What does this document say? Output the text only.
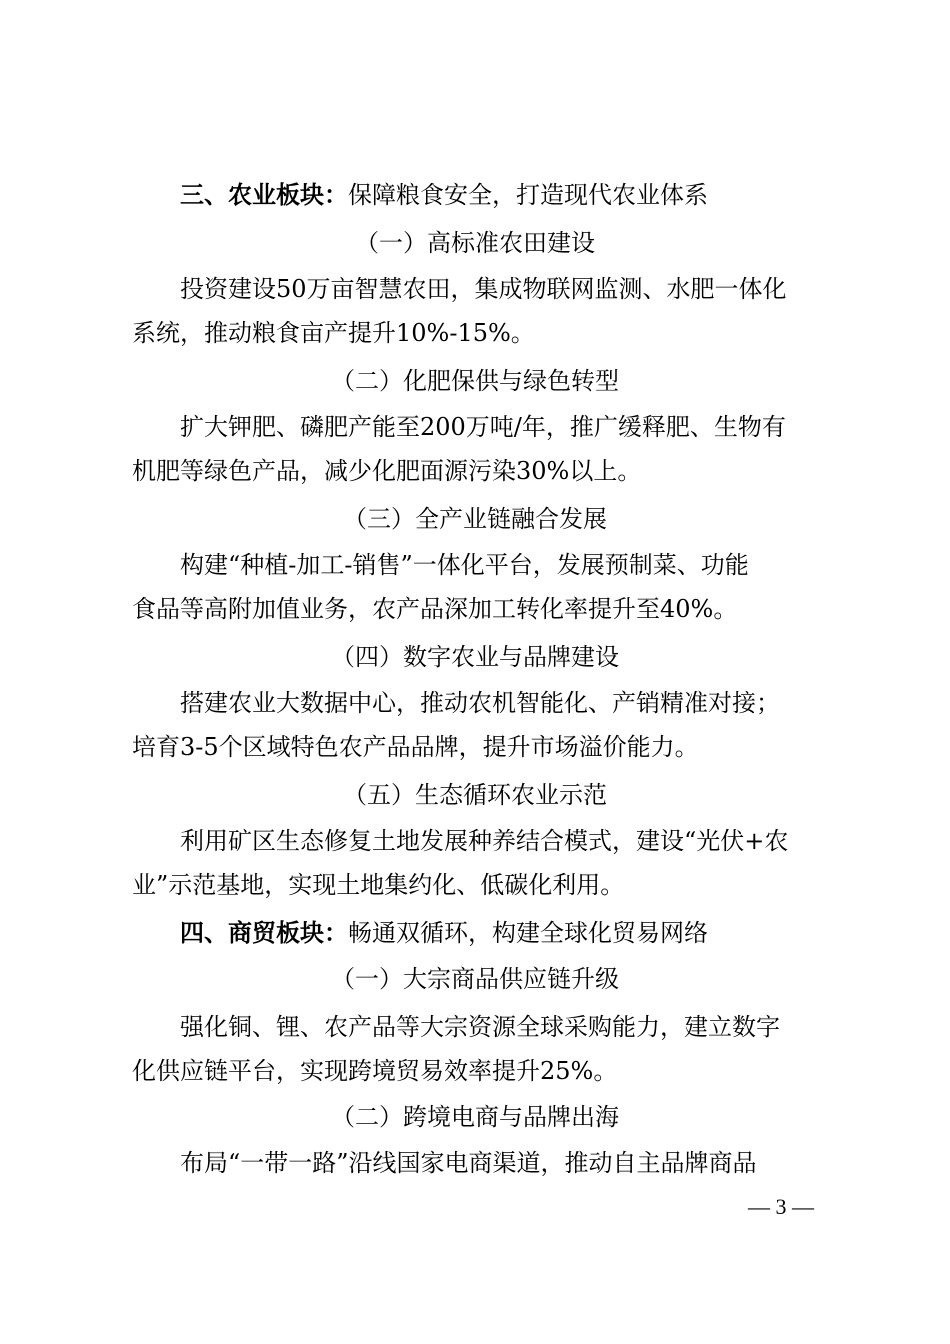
三、农业板块：保障粮食安全，打造现代农业体系
（一）高标准农田建设
投资建设50万亩智慧农田，集成物联网监测、水肥一体化
系统，推动粮食亩产提升10%-15%。
（二）化肥保供与绿色转型
扩大钾肥、磷肥产能至200万吨/年，推广缓释肥、生物有
机肥等绿色产品，减少化肥面源污染30%以上。
（三）全产业链融合发展
构建“种植-加工-销售”一体化平台，发展预制菜、功能
食品等高附加值业务，农产品深加工转化率提升至40%。
（四）数字农业与品牌建设
搭建农业大数据中心，推动农机智能化、产销精准对接；
培育3-5个区域特色农产品品牌，提升市场溢价能力。
（五）生态循环农业示范
利用矿区生态修复土地发展种养结合模式，建设“光伏+农
业”示范基地，实现土地集约化、低碳化利用。
四、商贸板块：畅通双循环，构建全球化贸易网络
（一）大宗商品供应链升级
强化铜、锂、农产品等大宗资源全球采购能力，建立数字
化供应链平台，实现跨境贸易效率提升25%。
（二）跨境电商与品牌出海
布局“一带一路”沿线国家电商渠道，推动自主品牌商品
— 3 —
